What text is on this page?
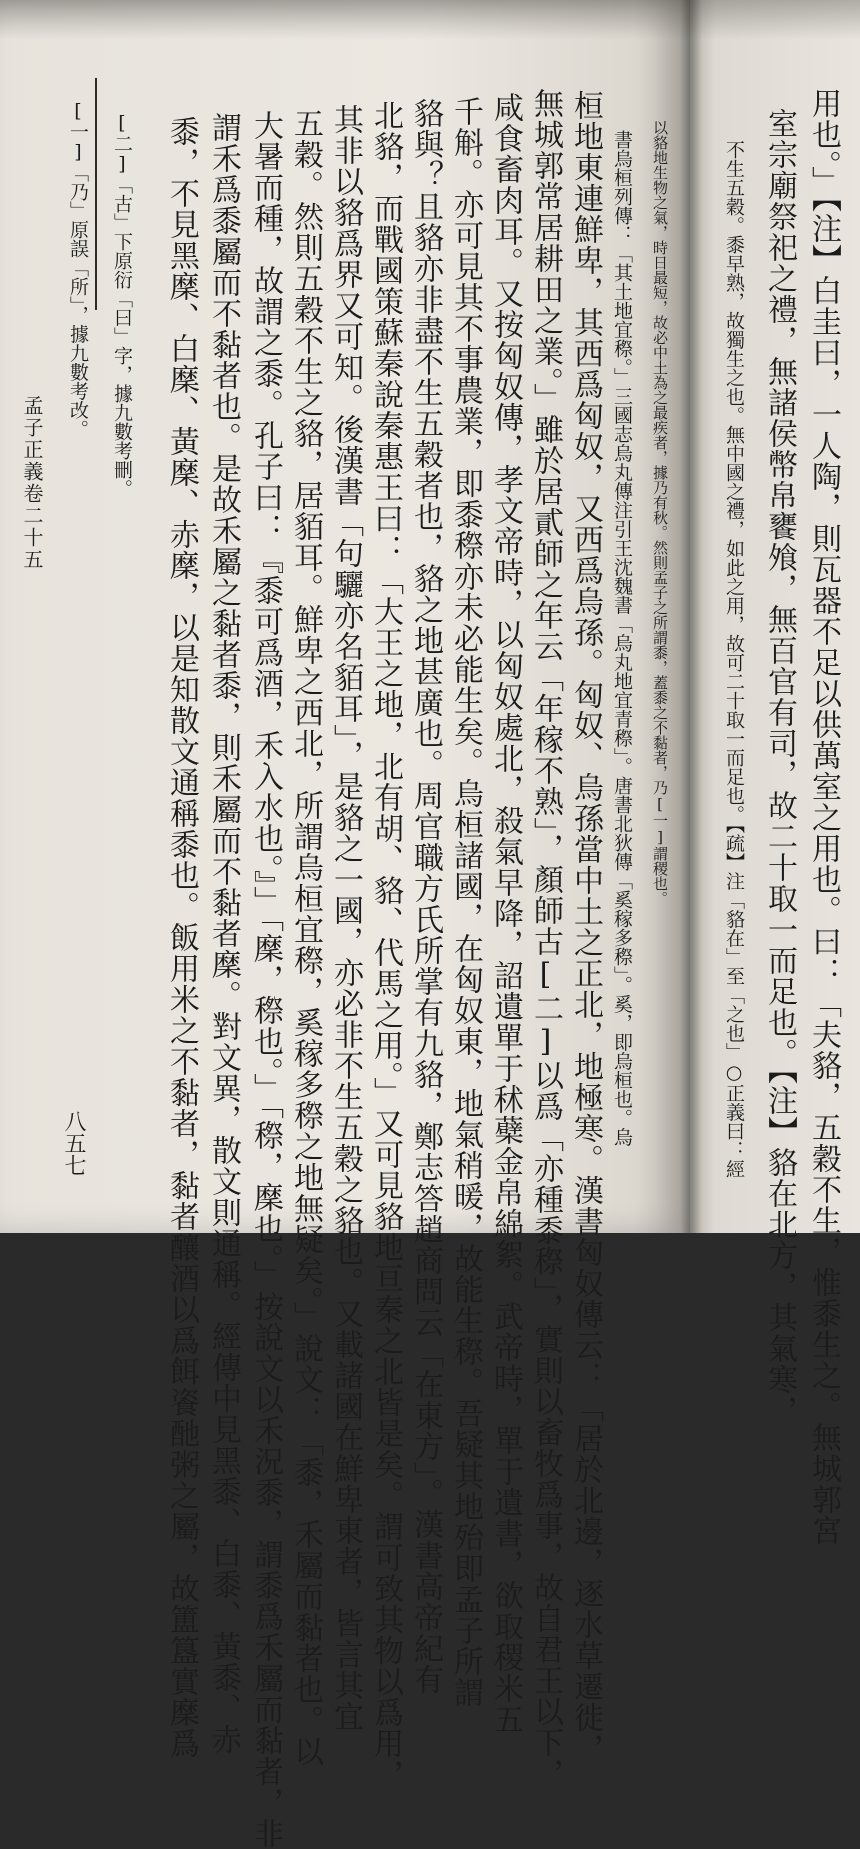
用也。」【注】白圭曰，一人陶，則瓦器不足以供萬室之用也。曰：「夫貉，五穀不生，惟黍生之。無城郭宮
室宗廟祭祀之禮，無諸侯幣帛饔飧，無百官有司，故二十取一而足也。【注】貉在北方，其氣寒，
不生五穀。黍早熟，故獨生之也。無中國之禮，如此之用，故可二十取一而足也。【疏】注「貉在」至「之也」○正義曰：經
以貉地生物之氣，時日最短，故必中土為之最疾者，據乃有秋。然則孟子之所謂黍，蓋黍之不黏者，乃[一]謂稷也。
書烏桓列傳：「其土地宜穄。」三國志烏丸傳注引王沈魏書「烏丸地宜青穄」。唐書北狄傳「奚稼多穄」。奚，即烏桓也。烏
桓地東連鮮卑，其西爲匈奴，又西爲烏孫。匈奴、烏孫當中土之正北，地極寒。漢書匈奴傳云：「居於北邊，逐水草遷徙，
無城郭常居耕田之業。」雖於居貳師之年云「年稼不熟」，顏師古[二]以爲「亦種黍穄」，實則以畜牧爲事，故自君王以下，
咸食畜肉耳。又按匈奴傳，孝文帝時，以匈奴處北，殺氣早降，詔遺單于秫蘗金帛綿絮。武帝時，單于遺書，欲取稷米五
千斛。亦可見其不事農業，即黍穄亦未必能生矣。烏桓諸國，在匈奴東，地氣稍暖，故能生穄。吾疑其地殆即孟子所謂
貉與？且貉亦非盡不生五穀者也，貉之地甚廣也。周官職方氏所掌有九貉，鄭志答趙商問云「在東方」。漢書高帝紀有
北貉，而戰國策蘇秦說秦惠王曰：「大王之地，北有胡、貉、代馬之用。」又可見貉地亘秦之北皆是矣。謂可致其物以爲用，
其非以貉爲界又可知。後漢書「句驪亦名貊耳」，是貉之一國，亦必非不生五穀之貉也。又載諸國在鮮卑東者，皆言其宜
五穀。然則五穀不生之貉，居貊耳。鮮卑之西北，所謂烏桓宜穄，奚稼多穄之地無疑矣。」說文：「黍，禾屬而黏者也。以
大暑而種，故謂之黍。孔子曰：『黍可爲酒，禾入水也。』」「穈，穄也。」「穄，穈也。」按說文以禾況黍，謂黍爲禾屬而黏者，非
謂禾爲黍屬而不黏者也。是故禾屬之黏者黍，則禾屬而不黏者穈。對文異，散文則通稱。經傳中見黑黍、白黍、黃黍、赤
黍，不見黑穈、白穈、黃穈、赤穈，以是知散文通稱黍也。飯用米之不黏者，黏者釀酒以爲餌餈酏粥之屬，故簠簋實穈爲
[二]「古」下原衍「曰」字，據九數考刪。
[一]「乃」原誤「所」，據九數考改。
孟子正義卷二十五
八五七
